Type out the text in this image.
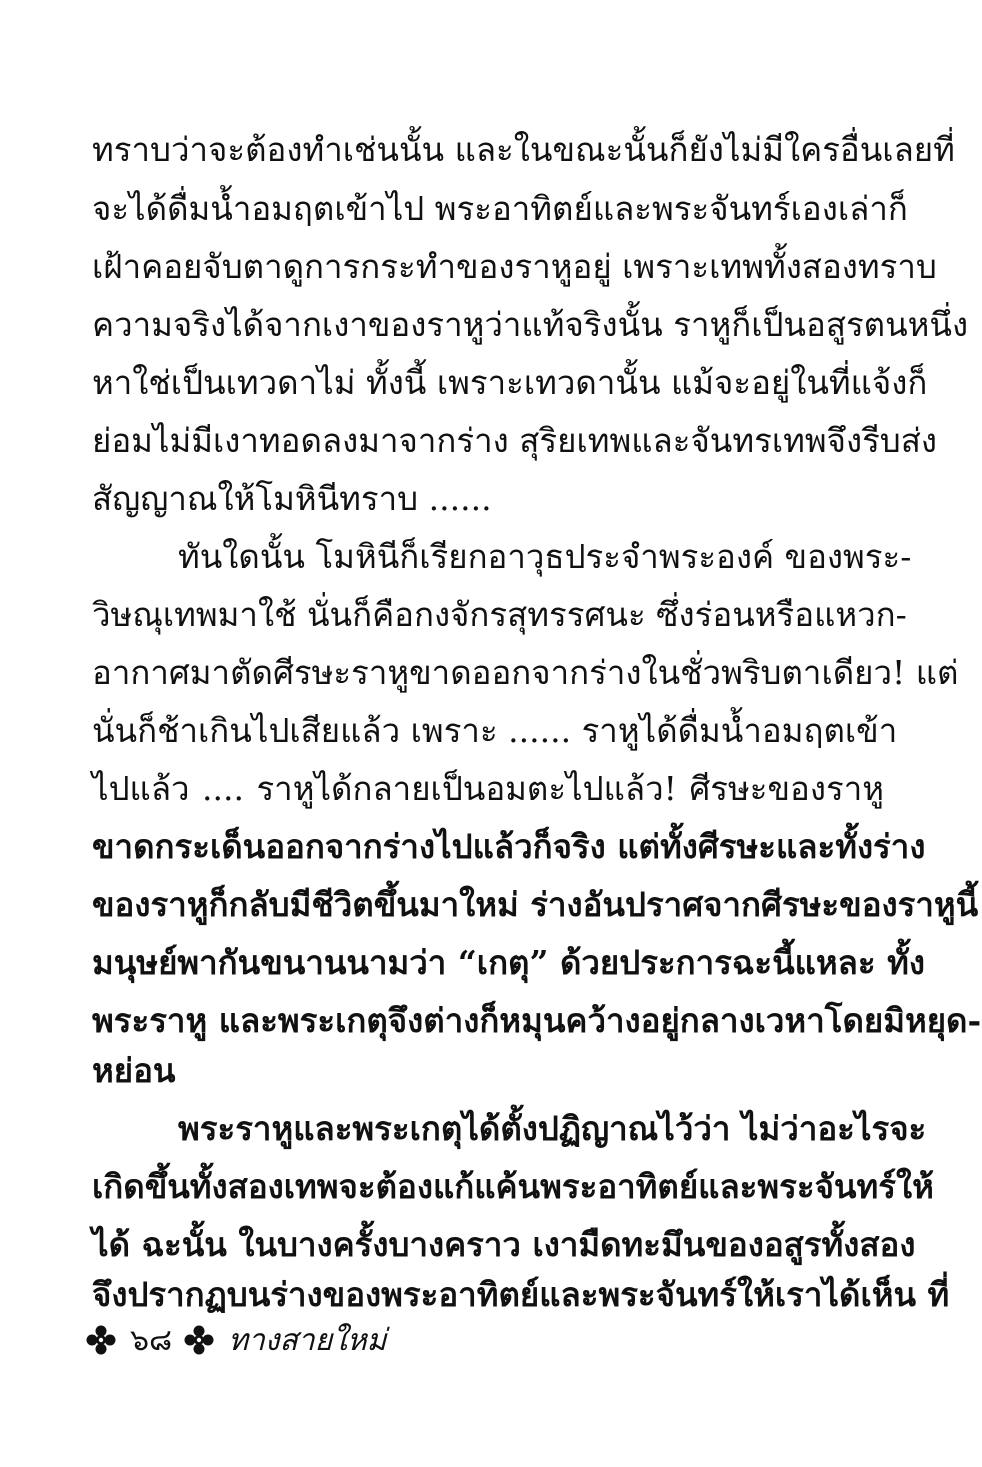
ทราบว่าจะต้องทำเช่นนั้น และในขณะนั้นก็ยังไม่มีใครอื่นเลยที่
จะได้ดื่มน้ำอมฤตเข้าไป พระอาทิตย์และพระจันทร์เองเล่าก็
เฝ้าคอยจับตาดูการกระทำของราหูอยู่ เพราะเทพทั้งสองทราบ
ความจริงได้จากเงาของราหูว่าแท้จริงนั้น ราหูก็เป็นอสูรตนหนึ่ง
หาใช่เป็นเทวดาไม่ ทั้งนี้ เพราะเทวดานั้น แม้จะอยู่ในที่แจ้งก็
ย่อมไม่มีเงาทอดลงมาจากร่าง สุริยเทพและจันทรเทพจึงรีบส่ง
สัญญาณให้โมหินีทราบ ......
ทันใดนั้น โมหินีก็เรียกอาวุธประจำพระองค์ ของพระ-
วิษณุเทพมาใช้ นั่นก็คือกงจักรสุทรรศนะ ซึ่งร่อนหรือแหวก-
อากาศมาตัดศีรษะราหูขาดออกจากร่างในชั่วพริบตาเดียว! แต่
นั่นก็ช้าเกินไปเสียแล้ว เพราะ ...... ราหูได้ดื่มน้ำอมฤตเข้า
ไปแล้ว .... ราหูได้กลายเป็นอมตะไปแล้ว! ศีรษะของราหู
ขาดกระเด็นออกจากร่างไปแล้วก็จริง แต่ทั้งศีรษะและทั้งร่าง
ของราหูก็กลับมีชีวิตขึ้นมาใหม่ ร่างอันปราศจากศีรษะของราหูนี้
มนุษย์พากันขนานนามว่า “เกตุ” ด้วยประการฉะนี้แหละ ทั้ง
พระราหู และพระเกตุจึงต่างก็หมุนคว้างอยู่กลางเวหาโดยมิหยุด-
หย่อน
พระราหูและพระเกตุได้ตั้งปฏิญาณไว้ว่า ไม่ว่าอะไรจะ
เกิดขึ้นทั้งสองเทพจะต้องแก้แค้นพระอาทิตย์และพระจันทร์ให้
ได้ ฉะนั้น ในบางครั้งบางคราว เงามืดทะมึนของอสูรทั้งสอง
จึงปรากฏบนร่างของพระอาทิตย์และพระจันทร์ให้เราได้เห็น ที่
๖๘ ทางสายใหม่
